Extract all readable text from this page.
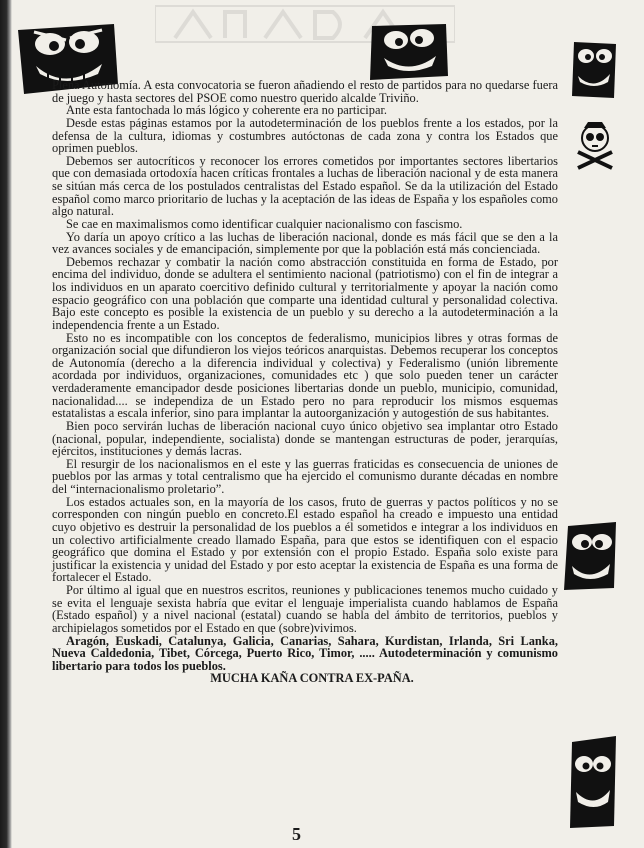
Plena Autonomía. A esta convocatoria se fueron añadiendo el resto de partidos para no quedarse fuera de juego y hasta sectores del PSOE como nuestro querido alcalde Triviño.

Ante esta fantochada lo más lógico y coherente era no participar.

Desde estas páginas estamos por la autodeterminación de los pueblos frente a los estados, por la defensa de la cultura, idiomas y costumbres autóctonas de cada zona y contra los Estados que oprimen pueblos.

Debemos ser autocríticos y reconocer los errores cometidos por importantes sectores libertarios que con demasiada ortodoxía hacen críticas frontales a luchas de liberación nacional y de esta manera se sitúan más cerca de los postulados centralistas del Estado español. Se da la utilización del Estado español como marco prioritario de luchas y la aceptación de las ideas de España y los españoles como algo natural.

Se cae en maximalismos como identificar cualquier nacionalismo con fascismo.

Yo daría un apoyo crítico a las luchas de liberación nacional, donde es más fácil que se den a la vez avances sociales y de emancipación, simplemente por que la población está más concienciada.

Debemos rechazar y combatir la nación como abstracción constituida en forma de Estado, por encima del individuo, donde se adultera el sentimiento nacional (patriotismo) con el fin de integrar a los individuos en un aparato coercitivo definido cultural y territorialmente y apoyar la nación como espacio geográfico con una población que comparte una identidad cultural y personalidad colectiva. Bajo este concepto es posible la existencia de un pueblo y su derecho a la autodeterminación a la independencia frente a un Estado.

Esto no es incompatible con los conceptos de federalismo, municipios libres y otras formas de organización social que difundieron los viejos teóricos anarquistas. Debemos recuperar los conceptos de Autonomía (derecho a la diferencia individual y colectiva) y Federalismo (unión libremente acordada por individuos, organizaciones, comunidades etc ) que solo pueden tener un carácter verdaderamente emancipador desde posiciones libertarias donde un pueblo, municipio, comunidad, nacionalidad.... se independiza de un Estado pero no para reproducir los mismos esquemas estatalistas a escala inferior, sino para implantar la autoorganización y autogestión de sus habitantes.

Bien poco servirán luchas de liberación nacional cuyo único objetivo sea implantar otro Estado (nacional, popular, independiente, socialista) donde se mantengan estructuras de poder, jerarquías, ejércitos, instituciones y demás lacras.

El resurgir de los nacionalismos en el este y las guerras fraticidas es consecuencia de uniones de pueblos por las armas y total centralismo que ha ejercido el comunismo durante décadas en nombre del “internacionalismo proletario”.

Los estados actuales son, en la mayoría de los casos, fruto de guerras y pactos políticos y no se corresponden con ningún pueblo en concreto.El estado español ha creado e impuesto una entidad cuyo objetivo es destruir la personalidad de los pueblos a él sometidos e integrar a los individuos en un colectivo artificialmente creado llamado España, para que estos se identifiquen con el espacio geográfico que domina el Estado y por extensión con el propio Estado. España solo existe para justificar la existencia y unidad del Estado y por esto aceptar la existencia de España es una forma de fortalecer el Estado.

Por último al igual que en nuestros escritos, reuniones y publicaciones tenemos mucho cuidado y se evita el lenguaje sexista habría que evitar el lenguaje imperialista cuando hablamos de España (Estado español) y a nivel nacional (estatal) cuando se habla del ámbito de territorios, pueblos y archipielagos sometidos por el Estado en que (sobre)vivimos.

Aragón, Euskadi, Catalunya, Galicia, Canarias, Sahara, Kurdistan, Irlanda, Sri Lanka, Nueva Caldedonia, Tibet, Córcega, Puerto Rico, Timor, ..... Autodeterminación y comunismo libertario para todos los pueblos.

MUCHA KAÑA CONTRA EX-PAÑA.

5
